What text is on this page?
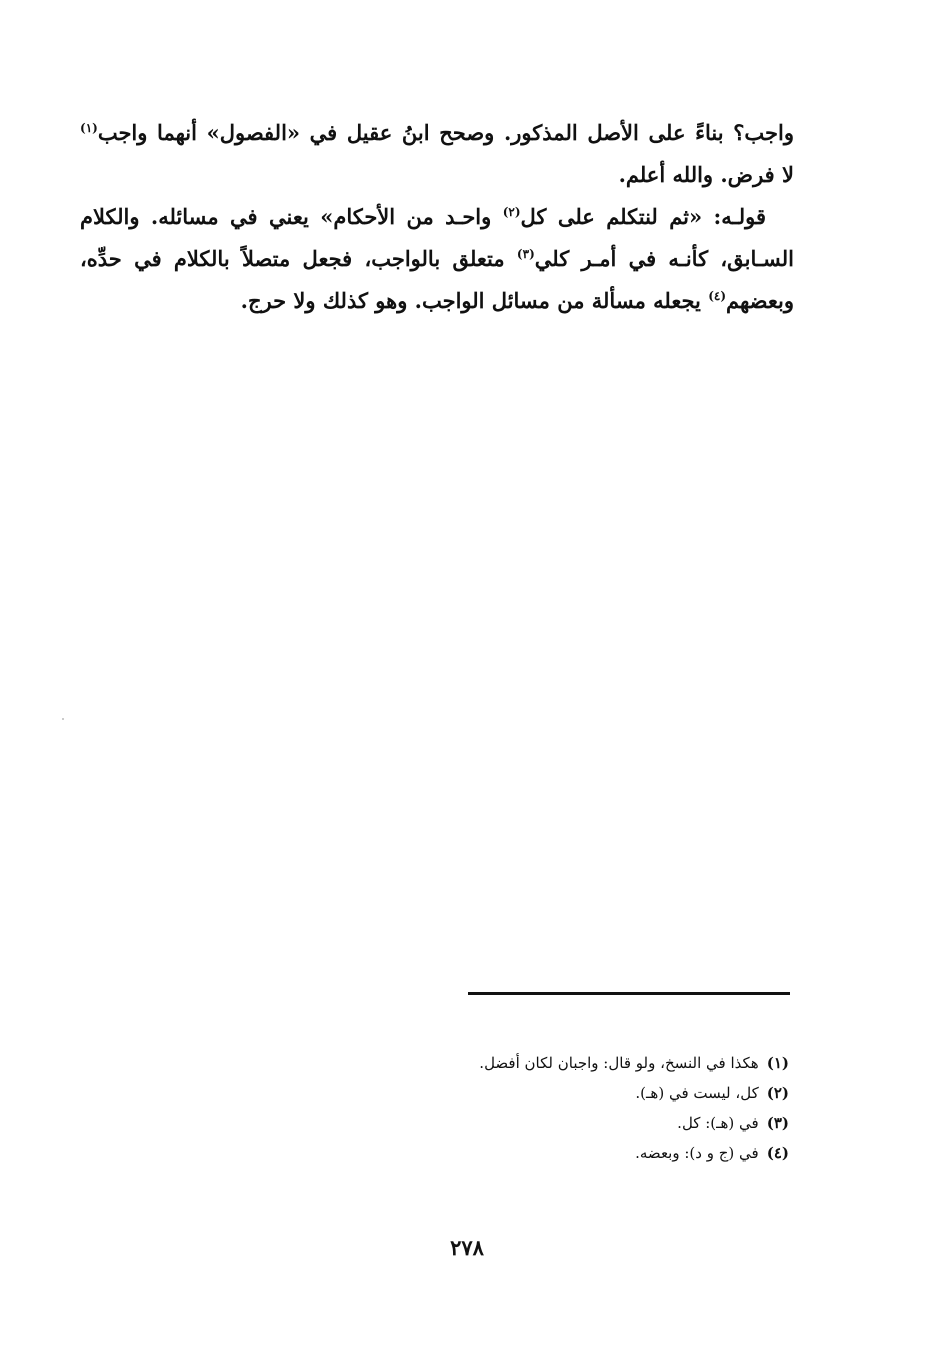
واجب؟ بناءً على الأصل المذكور. وصحح ابنُ عقيل في «الفصول» أنهما واجب$^{(١)}$
لا فرض. والله أعلم.
قولـه: «ثم لنتكلم على كل$^{(٢)}$ واحـد من الأحكام» يعني في مسائله. والكلام
السـابق، كأنـه في أمـر كلي$^{(٣)}$ متعلق بالواجب، فجعل متصلاً بالكلام في حدِّه،
وبعضهم$^{(٤)}$ يجعله مسألة من مسائل الواجب. وهو كذلك ولا حرج.
(١)هكذا في النسخ، ولو قال: واجبان لكان أفضل.
(٢)كل، ليست في (هـ).
(٣)في (هـ): كل.
(٤)في (ج و د): وبعضه.
٢٧٨
